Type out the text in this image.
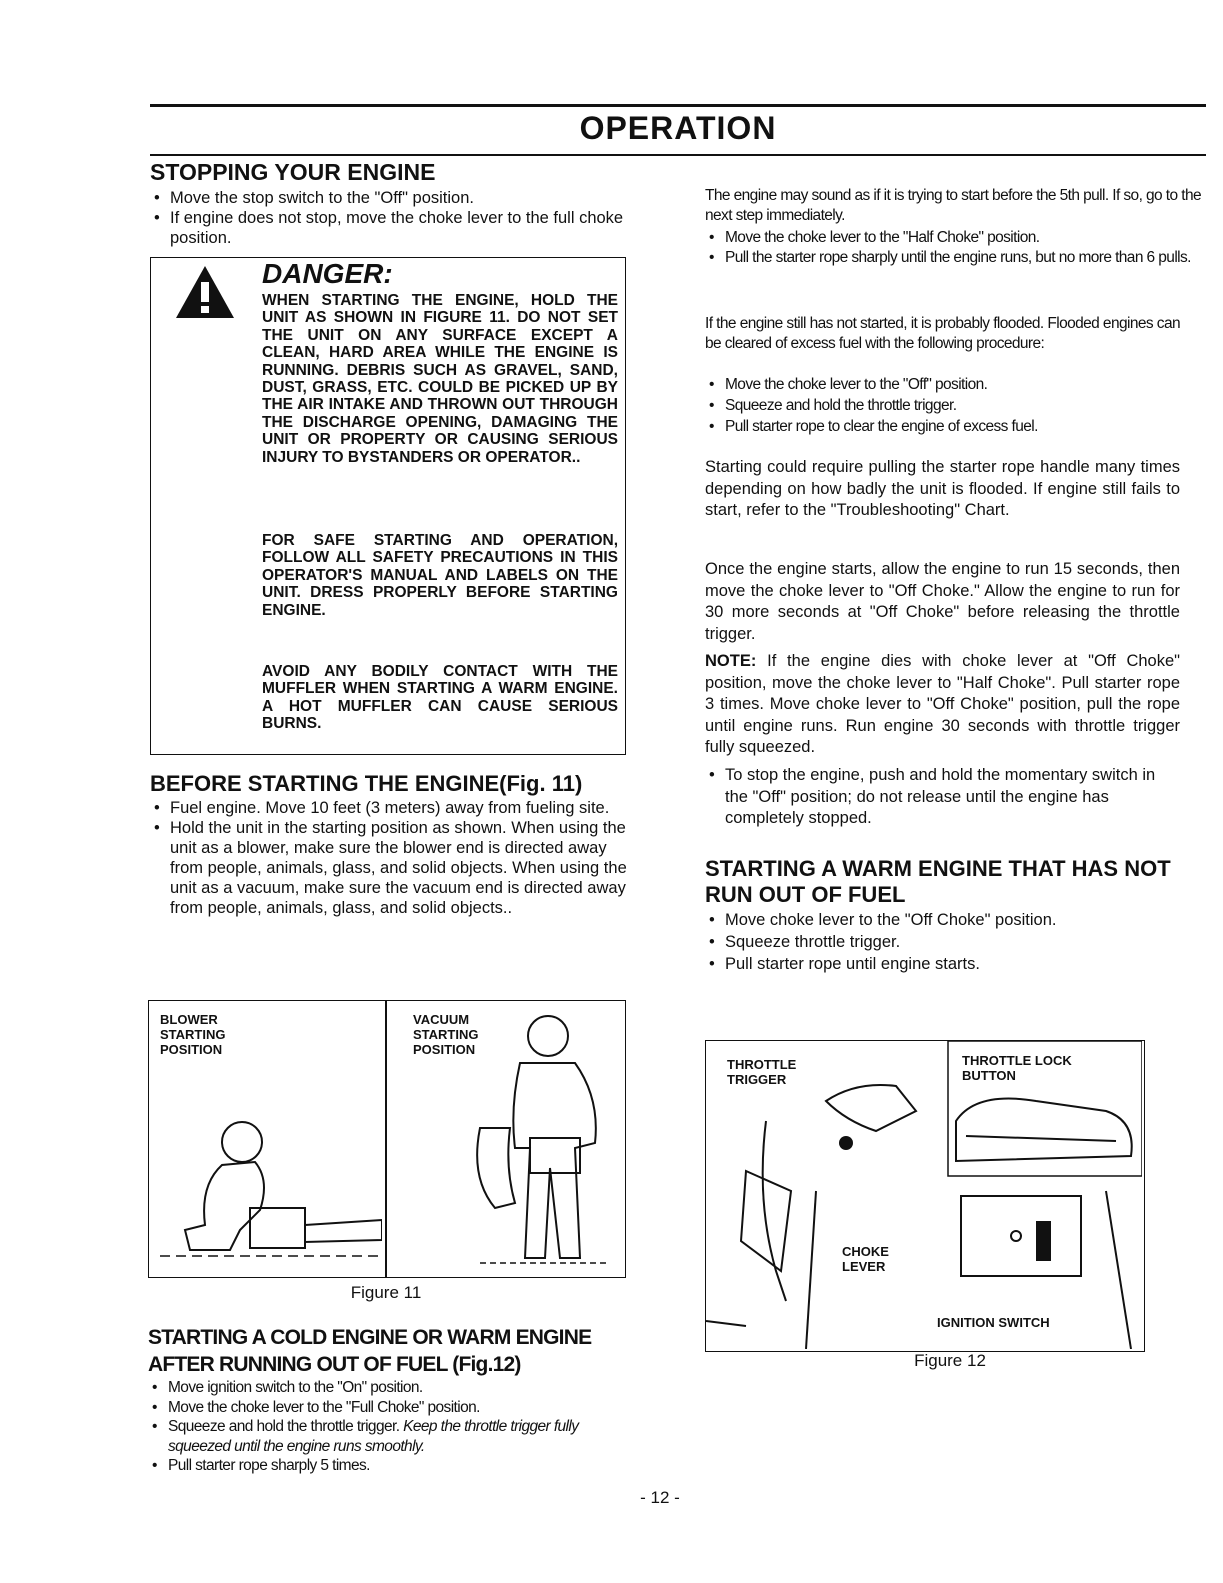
OPERATION
STOPPING YOUR ENGINE
• Move the stop switch to the "Off" position.
• If engine does not stop, move the choke lever to the full choke position.
DANGER:

WHEN STARTING THE ENGINE, HOLD THE UNIT AS SHOWN IN FIGURE 11. DO NOT SET THE UNIT ON ANY SURFACE EXCEPT A CLEAN, HARD AREA WHILE THE ENGINE IS RUNNING. DEBRIS SUCH AS GRAVEL, SAND, DUST, GRASS, ETC. COULD BE PICKED UP BY THE AIR INTAKE AND THROWN OUT THROUGH THE DISCHARGE OPENING, DAMAGING THE UNIT OR PROPERTY OR CAUSING SERIOUS INJURY TO BYSTANDERS OR OPERATOR..

FOR SAFE STARTING AND OPERATION, FOLLOW ALL SAFETY PRECAUTIONS IN THIS OPERATOR'S MANUAL AND LABELS ON THE UNIT. DRESS PROPERLY BEFORE STARTING ENGINE.

AVOID ANY BODILY CONTACT WITH THE MUFFLER WHEN STARTING A WARM ENGINE. A HOT MUFFLER CAN CAUSE SERIOUS BURNS.

BEFORE STARTING THE ENGINE(Fig. 11)
• Fuel engine. Move 10 feet (3 meters) away from fueling site.
• Hold the unit in the starting position as shown. When using the unit as a blower, make sure the blower end is directed away from people, animals, glass, and solid objects. When using the unit as a vacuum, make sure the vacuum end is directed away from people, animals, glass, and solid objects..
BLOWER STARTING POSITION
VACUUM STARTING POSITION
Figure 11
STARTING A COLD ENGINE OR WARM ENGINE
AFTER RUNNING OUT OF FUEL (Fig.12)
• Move ignition switch to the "On" position.
• Move the choke lever to the "Full Choke" position.
• Squeeze and hold the throttle trigger. Keep the throttle trigger fully squeezed until the engine runs smoothly.
• Pull starter rope sharply 5 times.

The engine may sound as if it is trying to start before the 5th pull. If so, go to the next step immediately.

• Move the choke lever to the "Half Choke" position.
• Pull the starter rope sharply until the engine runs, but no more than 6 pulls.

If the engine still has not started, it is probably flooded. Flooded engines can be cleared of excess fuel with the following procedure:

• Move the choke lever to the "Off" position.
• Squeeze and hold the throttle trigger.
• Pull starter rope to clear the engine of excess fuel.

Starting could require pulling the starter rope handle many times depending on how badly the unit is flooded. If engine still fails to start, refer to the "Troubleshooting" Chart.

Once the engine starts, allow the engine to run 15 seconds, then move the choke lever to "Off Choke." Allow the engine to run for 30 more seconds at "Off Choke" before releasing the throttle trigger.

NOTE: If the engine dies with choke lever at "Off Choke" position, move the choke lever to "Half Choke". Pull starter rope 3 times. Move choke lever to "Off Choke" position, pull the rope until engine runs. Run engine 30 seconds with throttle trigger fully squeezed.

• To stop the engine, push and hold the momentary switch in the "Off" position; do not release until the engine has completely stopped.
STARTING A WARM ENGINE THAT HAS NOT RUN OUT OF FUEL
• Move choke lever to the "Off Choke" position.
• Squeeze throttle trigger.
• Pull starter rope until engine starts.
THROTTLE TRIGGER
THROTTLE LOCK BUTTON
CHOKE LEVER
IGNITION SWITCH
Figure 12
- 12 -
